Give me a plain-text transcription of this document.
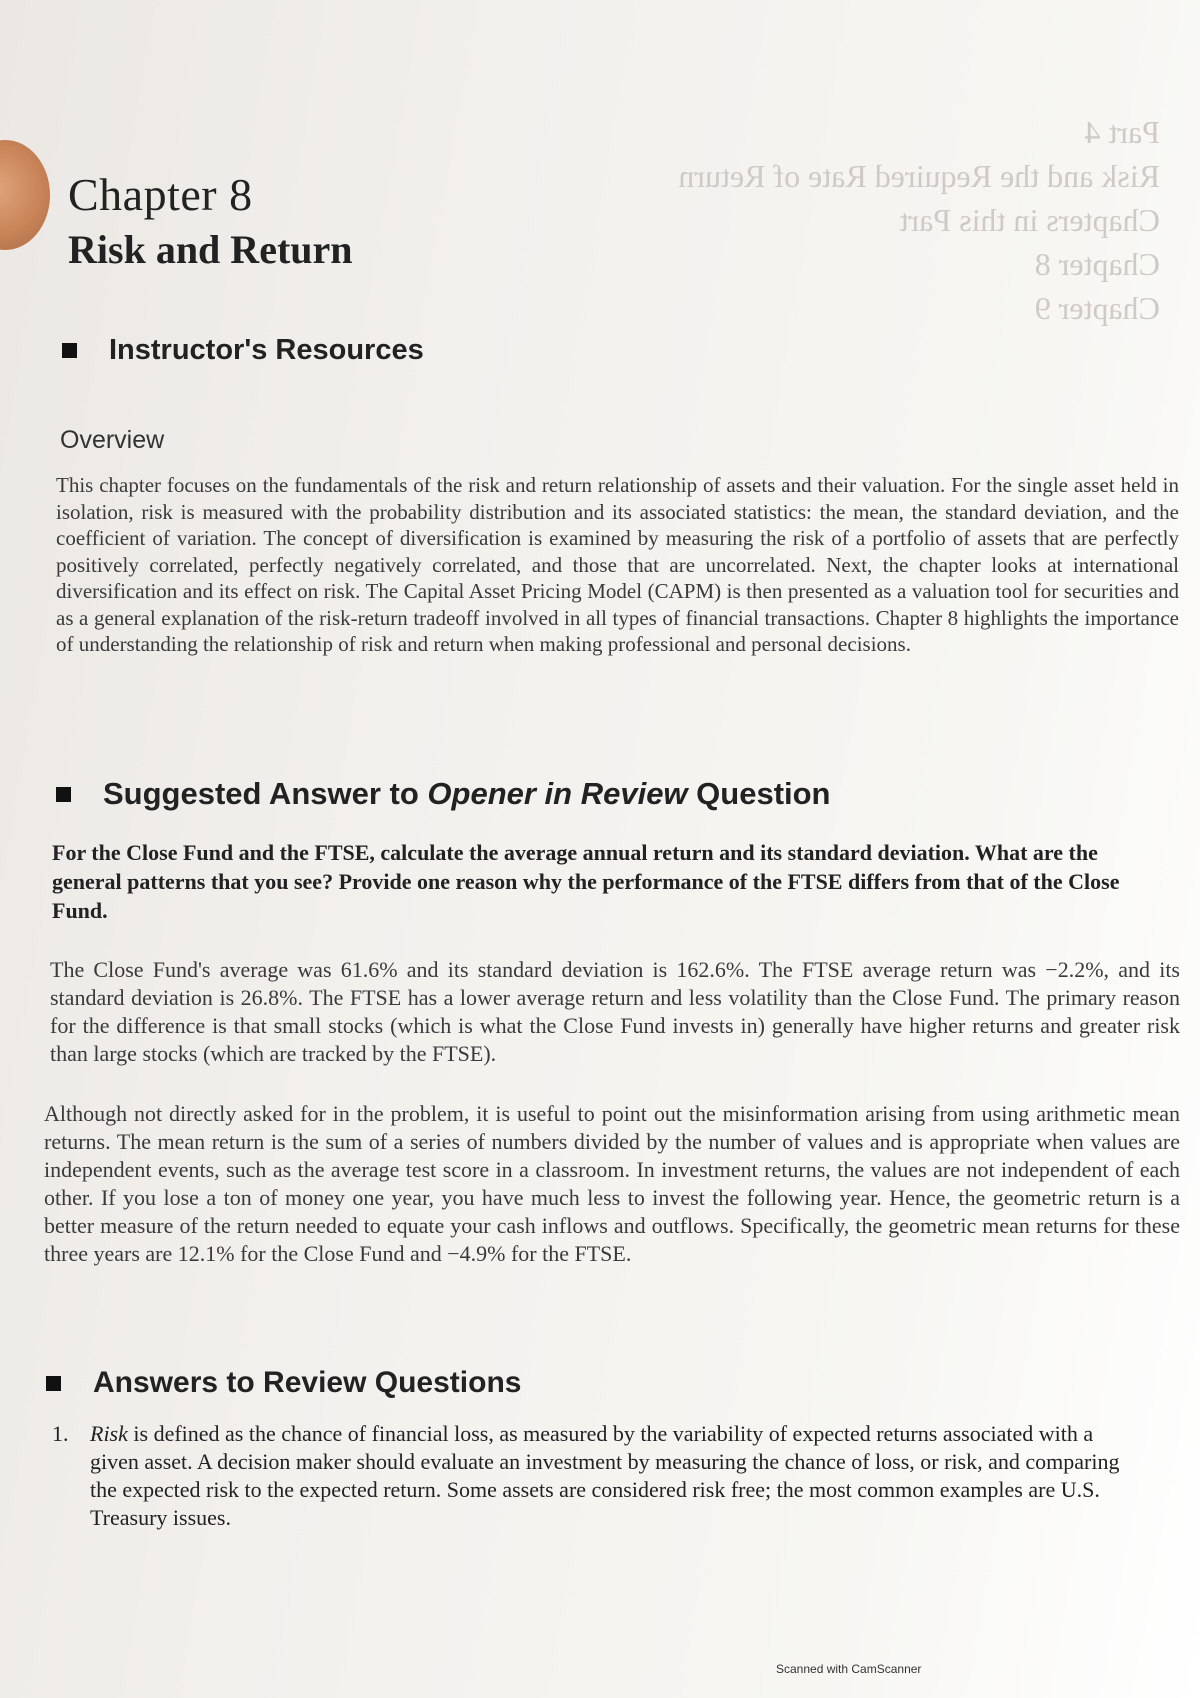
Part 4
Risk and the Required Rate of Return
Chapters in this Part
Chapter 8
Chapter 9
Chapter 8
Risk and Return
Instructor's Resources
Overview

This chapter focuses on the fundamentals of the risk and return relationship of assets and their valuation. For the single asset held in isolation, risk is measured with the probability distribution and its associated statistics: the mean, the standard deviation, and the coefficient of variation. The concept of diversification is examined by measuring the risk of a portfolio of assets that are perfectly positively correlated, perfectly negatively correlated, and those that are uncorrelated. Next, the chapter looks at international diversification and its effect on risk. The Capital Asset Pricing Model (CAPM) is then presented as a valuation tool for securities and as a general explanation of the risk-return tradeoff involved in all types of financial transactions. Chapter 8 highlights the importance of understanding the relationship of risk and return when making professional and personal decisions.

Suggested Answer to Opener in Review Question

For the Close Fund and the FTSE, calculate the average annual return and its standard deviation. What are the general patterns that you see? Provide one reason why the performance of the FTSE differs from that of the Close Fund.

The Close Fund's average was 61.6% and its standard deviation is 162.6%. The FTSE average return was −2.2%, and its standard deviation is 26.8%. The FTSE has a lower average return and less volatility than the Close Fund. The primary reason for the difference is that small stocks (which is what the Close Fund invests in) generally have higher returns and greater risk than large stocks (which are tracked by the FTSE).

Although not directly asked for in the problem, it is useful to point out the misinformation arising from using arithmetic mean returns. The mean return is the sum of a series of numbers divided by the number of values and is appropriate when values are independent events, such as the average test score in a classroom. In investment returns, the values are not independent of each other. If you lose a ton of money one year, you have much less to invest the following year. Hence, the geometric return is a better measure of the return needed to equate your cash inflows and outflows. Specifically, the geometric mean returns for these three years are 12.1% for the Close Fund and −4.9% for the FTSE.

Answers to Review Questions
1. Risk is defined as the chance of financial loss, as measured by the variability of expected returns associated with a given asset. A decision maker should evaluate an investment by measuring the chance of loss, or risk, and comparing the expected risk to the expected return. Some assets are considered risk free; the most common examples are U.S. Treasury issues.
Scanned with CamScanner
